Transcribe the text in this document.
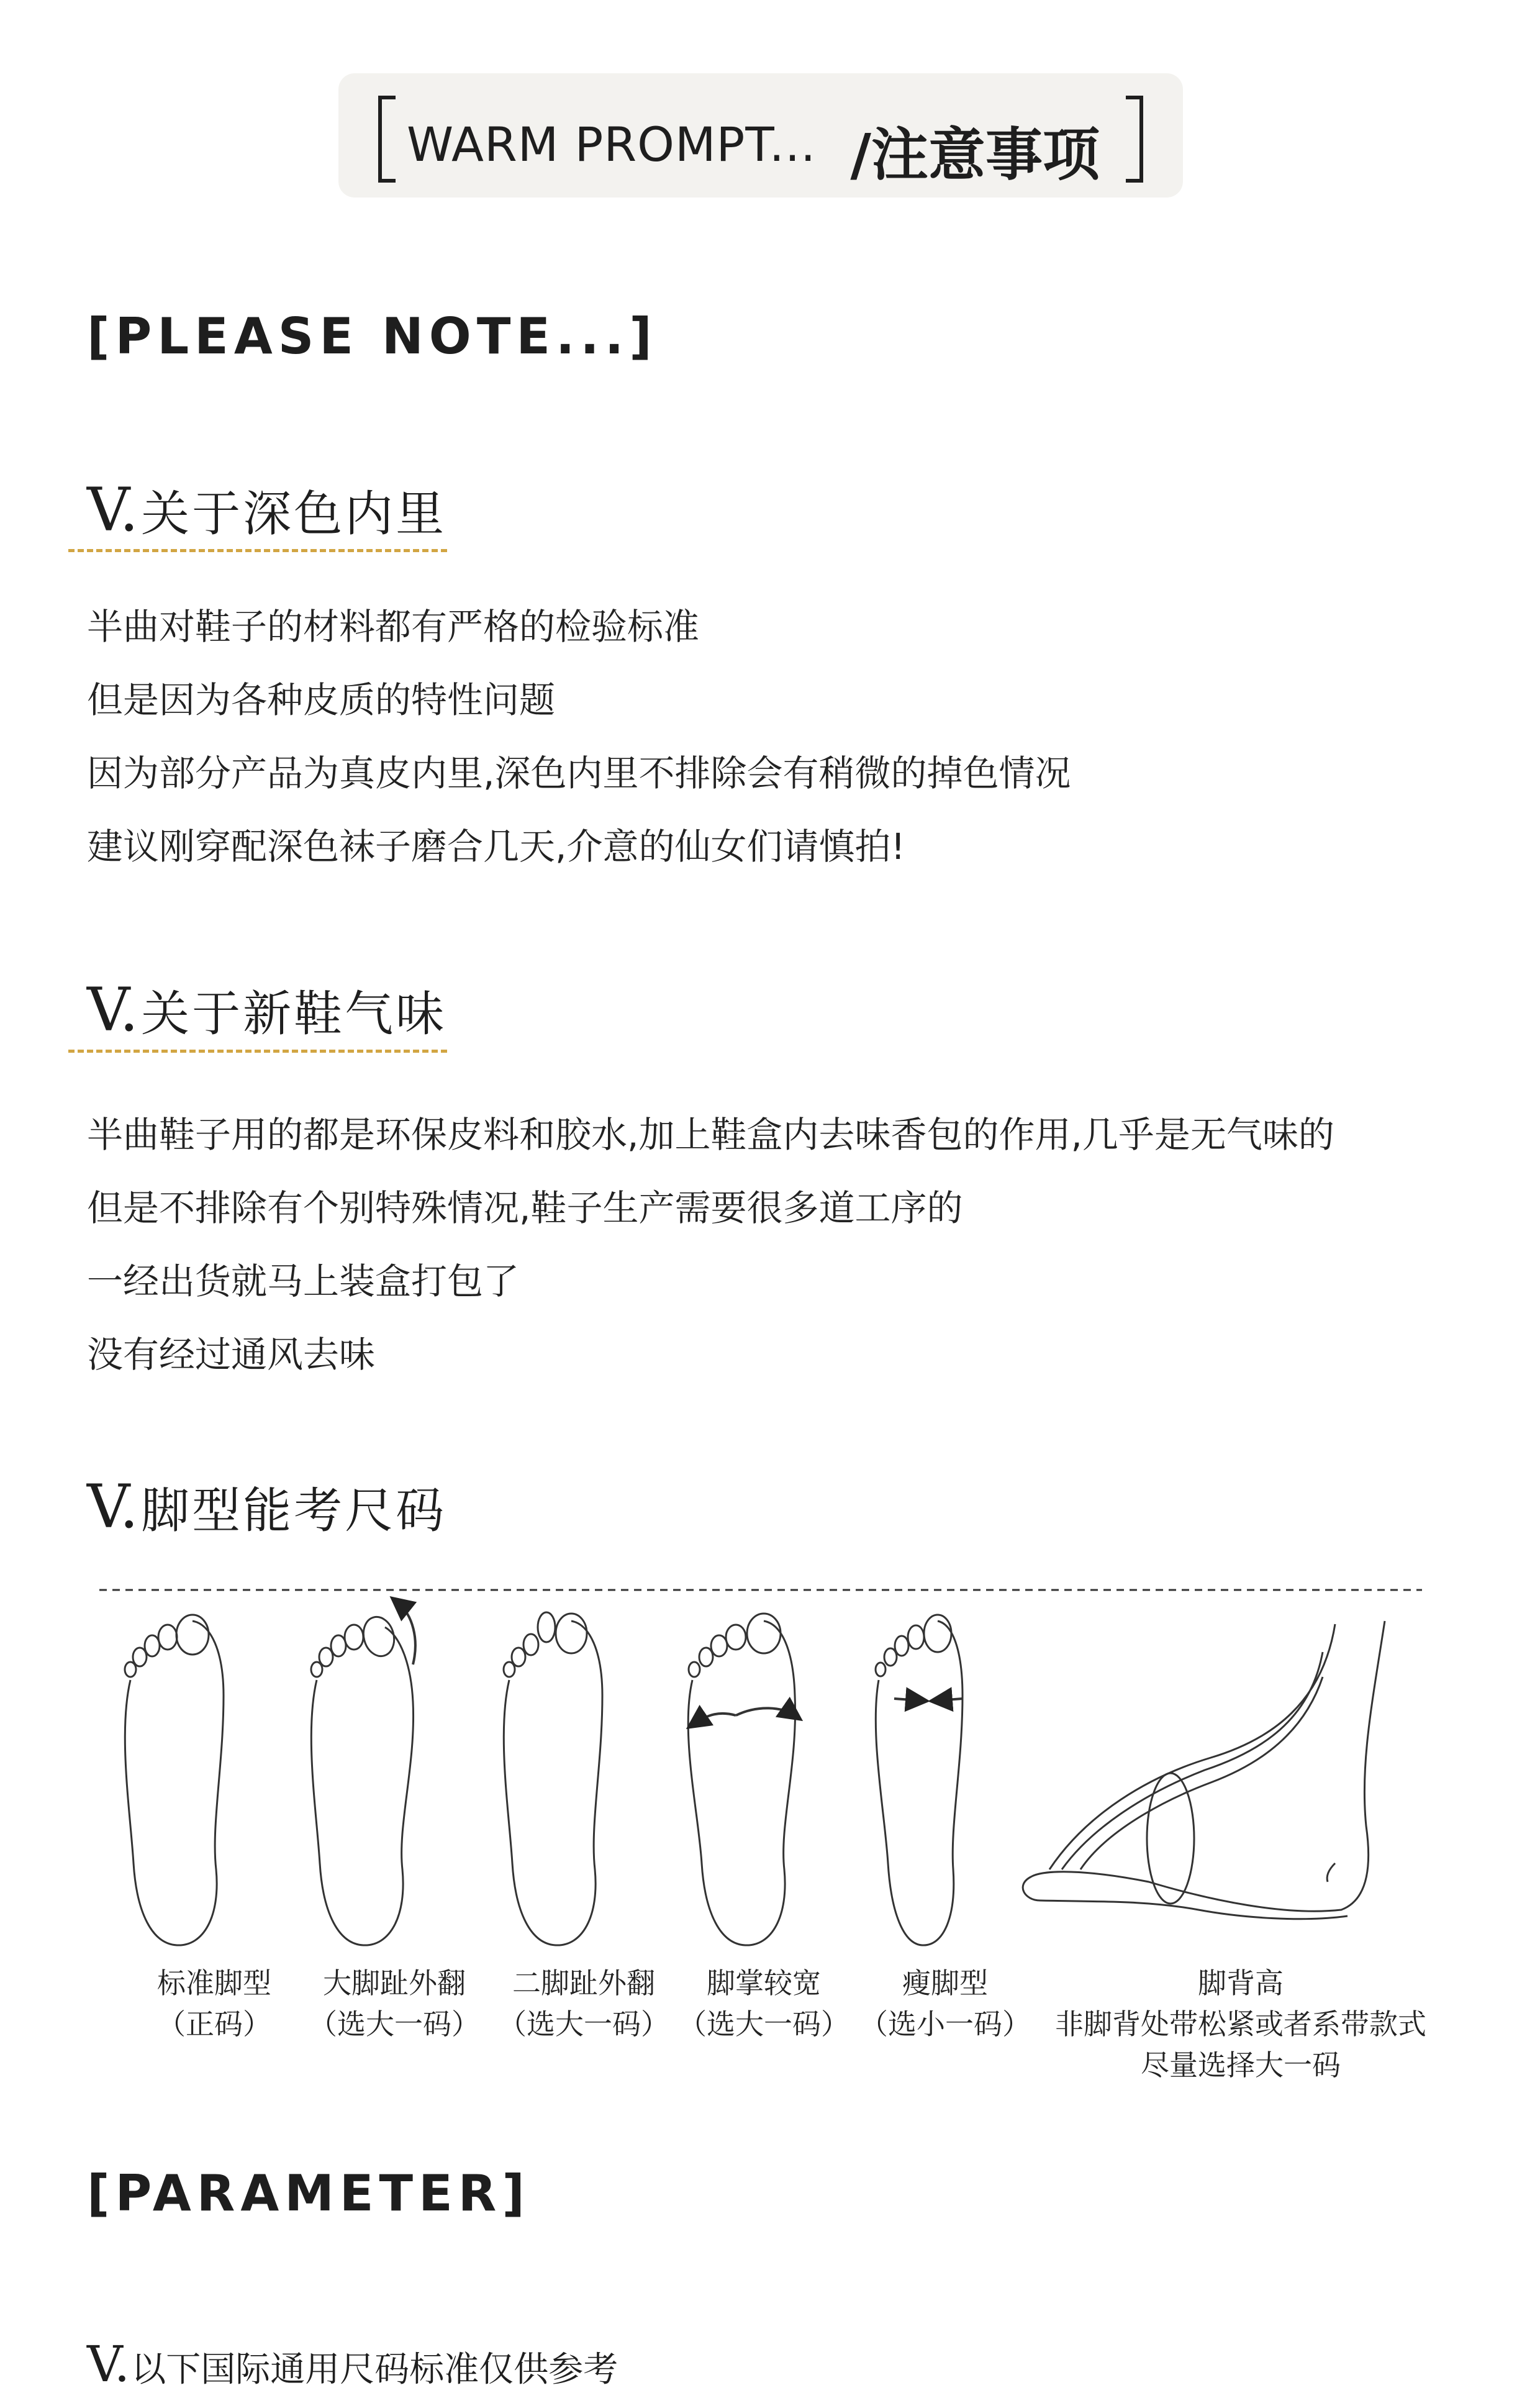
WARM PROMPT... /注意事项
[PLEASE NOTE...]
V.关于深色内里
半曲对鞋子的材料都有严格的检验标准
但是因为各种皮质的特性问题
因为部分产品为真皮内里,深色内里不排除会有稍微的掉色情况
建议刚穿配深色袜子磨合几天,介意的仙女们请慎拍!
V.关于新鞋气味
半曲鞋子用的都是环保皮料和胶水,加上鞋盒内去味香包的作用,几乎是无气味的
但是不排除有个别特殊情况,鞋子生产需要很多道工序的
一经出货就马上装盒打包了
没有经过通风去味
V.脚型能考尺码
标准脚型
（正码）
大脚趾外翻
（选大一码）
二脚趾外翻
（选大一码）
脚掌较宽
（选大一码）
瘦脚型
（选小一码）
脚背高
非脚背处带松紧或者系带款式
尽量选择大一码
[PARAMETER]
V.以下国际通用尺码标准仅供参考
